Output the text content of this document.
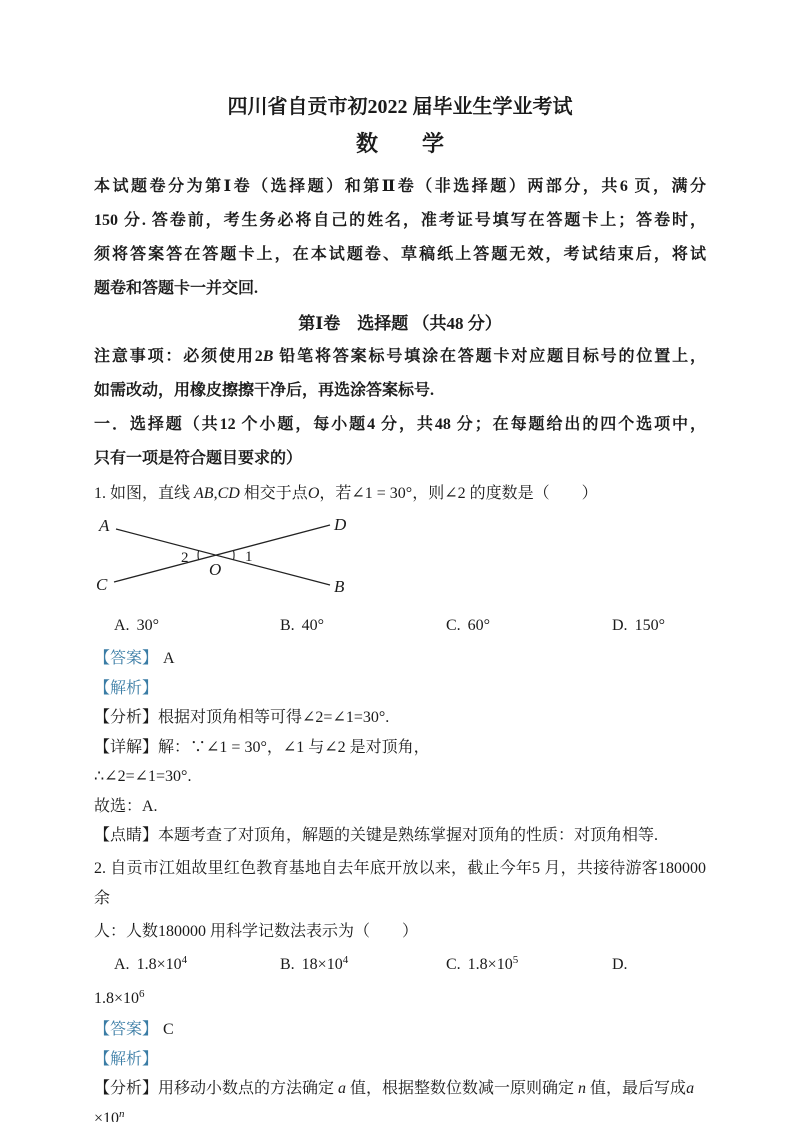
四川省自贡市初2022 届毕业生学业考试
数　　学
本试题卷分为第Ⅰ卷（选择题）和第Ⅱ卷（非选择题）两部分，共6 页，满分
150 分. 答卷前，考生务必将自己的姓名，准考证号填写在答题卡上；答卷时，
须将答案答在答题卡上，在本试题卷、草稿纸上答题无效，考试结束后，将试
题卷和答题卡一并交回.
第Ⅰ卷　选择题 （共48 分）
注意事项：必须使用2B 铅笔将答案标号填涂在答题卡对应题目标号的位置上，
如需改动，用橡皮擦擦干净后，再选涂答案标号.
一．选择题（共12 个小题，每小题4 分，共48 分；在每题给出的四个选项中，
只有一项是符合题目要求的）

1. 如图，直线 AB,CD 相交于点O，若∠1 = 30°，则∠2 的度数是（　　）

A	D
C	B
O
2	1
A. 30°	B. 40°	C. 60°	D. 150°

【答案】 A

【解析】

【分析】根据对顶角相等可得∠2=∠1=30°.

【详解】解：∵∠1 = 30°，∠1 与∠2 是对顶角，

∴∠2=∠1=30°.

故选：A.

【点睛】本题考查了对顶角，解题的关键是熟练掌握对顶角的性质：对顶角相等.

2. 自贡市江姐故里红色教育基地自去年底开放以来，截止今年5 月，共接待游客180000 余

人：人数180000 用科学记数法表示为（　　）

A. $1.8\times 10^4$	B. $18\times 10^4$	C. $1.8\times 10^5$	D.

$1.8\times 10^6$

【答案】 C

【解析】

【分析】用移动小数点的方法确定 a 值，根据整数位数减一原则确定 n 值，最后写成$a \times 10^n$
